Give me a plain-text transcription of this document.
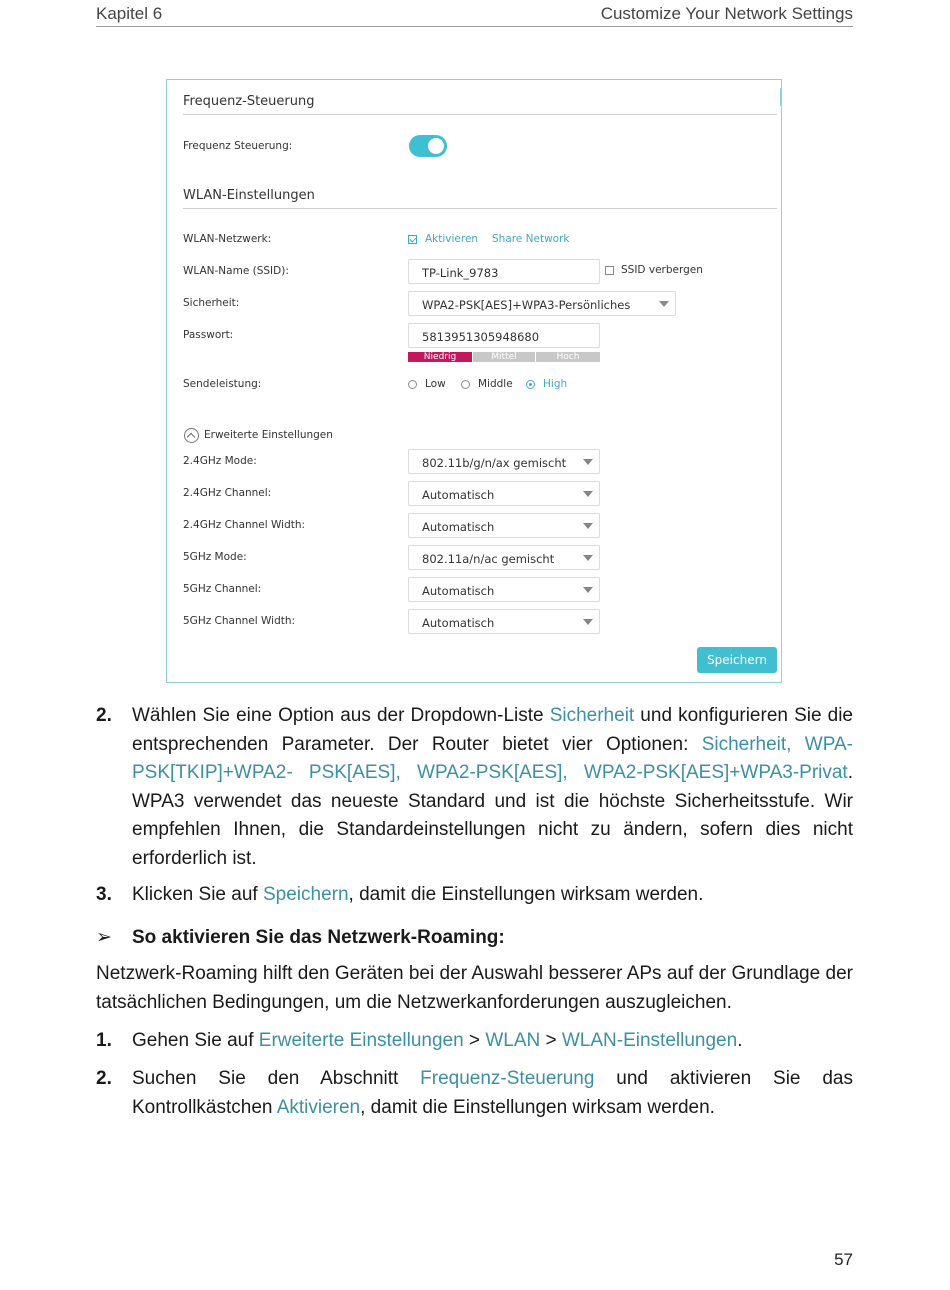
Kapitel 6	Customize Your Network Settings
Frequenz-Steuerung
Frequenz Steuerung:
WLAN-Einstellungen
WLAN-Netzwerk:	Aktivieren Share Network
WLAN-Name (SSID):	TP-Link_9783	SSID verbergen
Sicherheit:	WPA2-PSK[AES]+WPA3-Persönliches
Passwort:	5813951305948680
Niedrig	Mittel	Hoch
Sendeleistung:	Low	Middle	High
Erweiterte Einstellungen
2.4GHz Mode:	802.11b/g/n/ax gemischt
2.4GHz Channel:	Automatisch
2.4GHz Channel Width:	Automatisch
5GHz Mode:	802.11a/n/ac gemischt
5GHz Channel:	Automatisch
5GHz Channel Width:	Automatisch
Speichern
2. Wählen Sie eine Option aus der Dropdown-Liste Sicherheit und konfigurieren Sie die entsprechenden Parameter. Der Router bietet vier Optionen: Sicherheit, WPA-PSK[TKIP]+WPA2- PSK[AES], WPA2-PSK[AES], WPA2-PSK[AES]+WPA3-Privat. WPA3 verwendet das neueste Standard und ist die höchste Sicherheitsstufe. Wir empfehlen Ihnen, die Standardeinstellungen nicht zu ändern, sofern dies nicht erforderlich ist.
3. Klicken Sie auf Speichern, damit die Einstellungen wirksam werden.
➢ So aktivieren Sie das Netzwerk-Roaming:
Netzwerk-Roaming hilft den Geräten bei der Auswahl besserer APs auf der Grundlage der tatsächlichen Bedingungen, um die Netzwerkanforderungen auszugleichen.
1. Gehen Sie auf Erweiterte Einstellungen > WLAN > WLAN-Einstellungen.
2. Suchen Sie den Abschnitt Frequenz-Steuerung und aktivieren Sie das Kontrollkästchen Aktivieren, damit die Einstellungen wirksam werden.
57
